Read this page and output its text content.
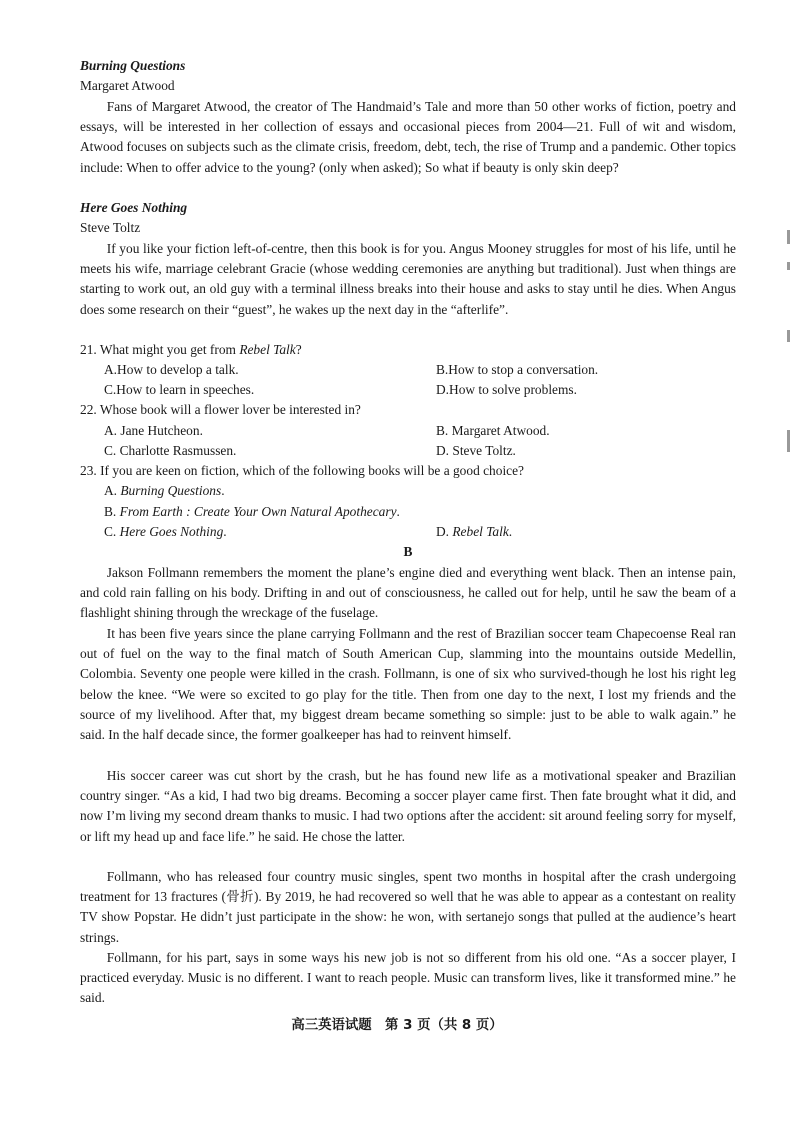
Burning Questions
Margaret Atwood
Fans of Margaret Atwood, the creator of The Handmaid’s Tale and more than 50 other works of fiction, poetry and essays, will be interested in her collection of essays and occasional pieces from 2004—21. Full of wit and wisdom, Atwood focuses on subjects such as the climate crisis, freedom, debt, tech, the rise of Trump and a pandemic. Other topics include: When to offer advice to the young? (only when asked); So what if beauty is only skin deep?
Here Goes Nothing
Steve Toltz
If you like your fiction left-of-centre, then this book is for you. Angus Mooney struggles for most of his life, until he meets his wife, marriage celebrant Gracie (whose wedding ceremonies are anything but traditional). Just when things are starting to work out, an old guy with a terminal illness breaks into their house and asks to stay until he dies. When Angus does some research on their “guest”, he wakes up the next day in the “afterlife”.
21. What might you get from Rebel Talk?
A.How to develop a talk.	B.How to stop a conversation.
C.How to learn in speeches.	D.How to solve problems.
22. Whose book will a flower lover be interested in?
A. Jane Hutcheon.	B. Margaret Atwood.
C. Charlotte Rasmussen.	D. Steve Toltz.
23. If you are keen on fiction, which of the following books will be a good choice?
A. Burning Questions.
B. From Earth : Create Your Own Natural Apothecary.
C. Here Goes Nothing.	D. Rebel Talk.
B
Jakson Follmann remembers the moment the plane’s engine died and everything went black. Then an intense pain, and cold rain falling on his body. Drifting in and out of consciousness, he called out for help, until he saw the beam of a flashlight shining through the wreckage of the fuselage.
It has been five years since the plane carrying Follmann and the rest of Brazilian soccer team Chapecoense Real ran out of fuel on the way to the final match of South American Cup, slamming into the mountains outside Medellin, Colombia. Seventy one people were killed in the crash. Follmann, is one of six who survived-though he lost his right leg below the knee. “We were so excited to go play for the title. Then from one day to the next, I lost my friends and the source of my livelihood. After that, my biggest dream became something so simple: just to be able to walk again.” he said. In the half decade since, the former goalkeeper has had to reinvent himself.
His soccer career was cut short by the crash, but he has found new life as a motivational speaker and Brazilian country singer. “As a kid, I had two big dreams. Becoming a soccer player came first. Then fate brought what it did, and now I’m living my second dream thanks to music. I had two options after the accident: sit around feeling sorry for myself, or lift my head up and face life.” he said. He chose the latter.
Follmann, who has released four country music singles, spent two months in hospital after the crash undergoing treatment for 13 fractures (骨折). By 2019, he had recovered so well that he was able to appear as a contestant on reality TV show Popstar. He didn’t just participate in the show: he won, with sertanejo songs that pulled at the audience’s heart strings.
Follmann, for his part, says in some ways his new job is not so different from his old one. “As a soccer player, I practiced everyday. Music is no different. I want to reach people. Music can transform lives, like it transformed mine.” he said.
高三英语试题　第 3 页（共 8 页）
